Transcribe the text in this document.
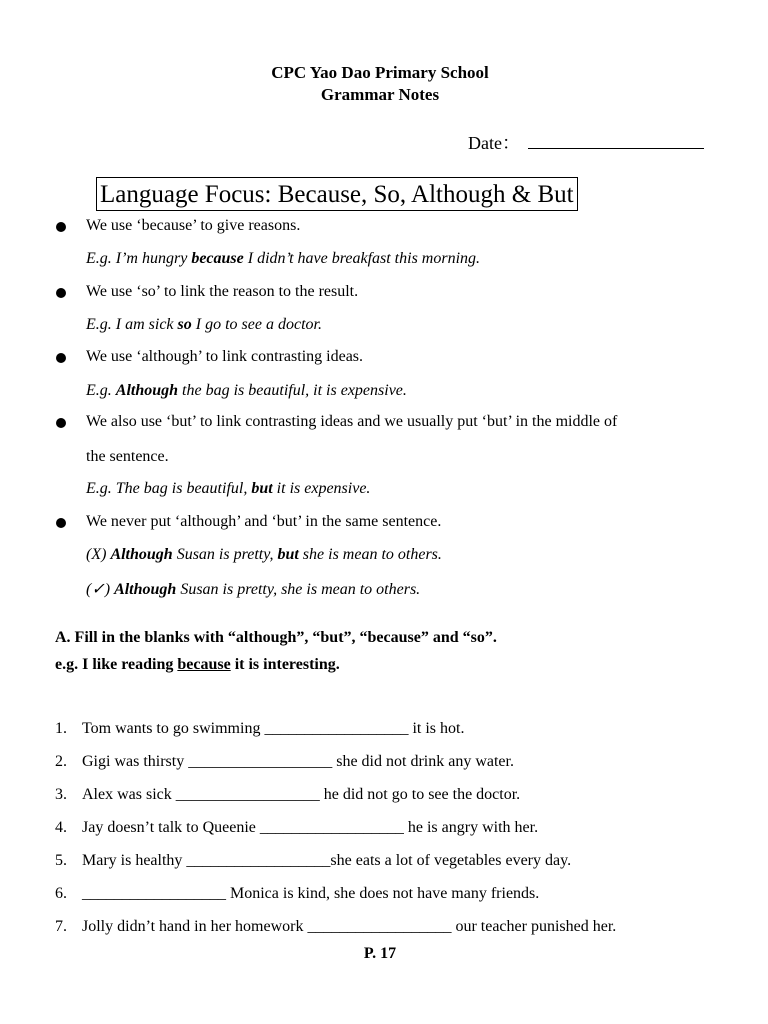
CPC Yao Dao Primary School
Grammar Notes
Date：
Language Focus: Because, So, Although & But
We use ‘because’ to give reasons.
E.g. I’m hungry because I didn’t have breakfast this morning.
We use ‘so’ to link the reason to the result.
E.g. I am sick so I go to see a doctor.
We use ‘although’ to link contrasting ideas.
E.g. Although the bag is beautiful, it is expensive.
We also use ‘but’ to link contrasting ideas and we usually put ‘but’ in the middle of
the sentence.
E.g. The bag is beautiful, but it is expensive.
We never put ‘although’ and ‘but’ in the same sentence.
(X) Although Susan is pretty, but she is mean to others.
(✓) Although Susan is pretty, she is mean to others.
A. Fill in the blanks with “although”, “but”, “because” and “so”.
e.g. I like reading because it is interesting.
1. Tom wants to go swimming __________________ it is hot.
2. Gigi was thirsty __________________ she did not drink any water.
3. Alex was sick __________________ he did not go to see the doctor.
4. Jay doesn’t talk to Queenie __________________ he is angry with her.
5. Mary is healthy __________________she eats a lot of vegetables every day.
6. __________________ Monica is kind, she does not have many friends.
7. Jolly didn’t hand in her homework __________________ our teacher punished her.
P. 17
